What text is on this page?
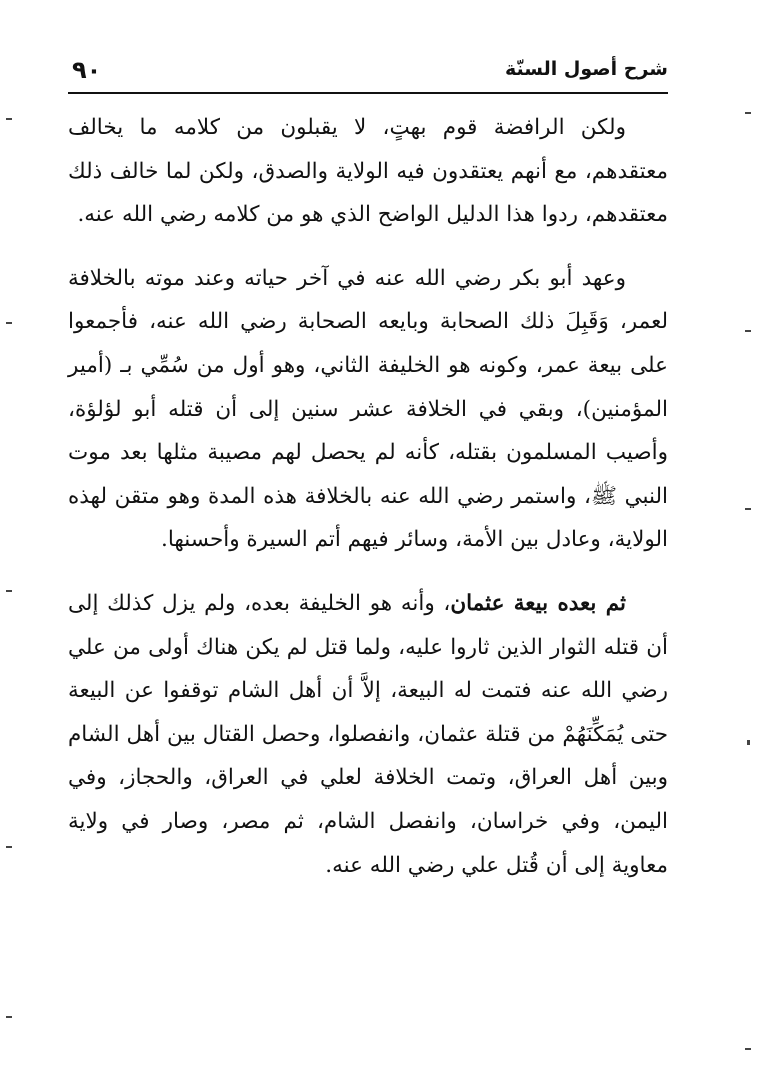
شرح أصول السنّة
٩٠

ولكن الرافضة قوم بهتٍ، لا يقبلون من كلامه ما يخالف معتقدهم، مع أنهم يعتقدون فيه الولاية والصدق، ولكن لما خالف ذلك معتقدهم، ردوا هذا الدليل الواضح الذي هو من كلامه رضي الله عنه.

وعهد أبو بكر رضي الله عنه في آخر حياته وعند موته بالخلافة لعمر، وَقَبِلَ ذلك الصحابة وبايعه الصحابة رضي الله عنه، فأجمعوا على بيعة عمر، وكونه هو الخليفة الثاني، وهو أول من سُمِّي بـ (أمير المؤمنين)، وبقي في الخلافة عشر سنين إلى أن قتله أبو لؤلؤة، وأصيب المسلمون بقتله، كأنه لم يحصل لهم مصيبة مثلها بعد موت النبي ﷺ، واستمر رضي الله عنه بالخلافة هذه المدة وهو متقن لهذه الولاية، وعادل بين الأمة، وسائر فيهم أتم السيرة وأحسنها.

ثم بعده بيعة عثمان، وأنه هو الخليفة بعده، ولم يزل كذلك إلى أن قتله الثوار الذين ثاروا عليه، ولما قتل لم يكن هناك أولى من علي رضي الله عنه فتمت له البيعة، إلاَّ أن أهل الشام توقفوا عن البيعة حتى يُمَكِّنَهُمْ من قتلة عثمان، وانفصلوا، وحصل القتال بين أهل الشام وبين أهل العراق، وتمت الخلافة لعلي في العراق، والحجاز، وفي اليمن، وفي خراسان، وانفصل الشام، ثم مصر، وصار في ولاية معاوية إلى أن قُتل علي رضي الله عنه.
